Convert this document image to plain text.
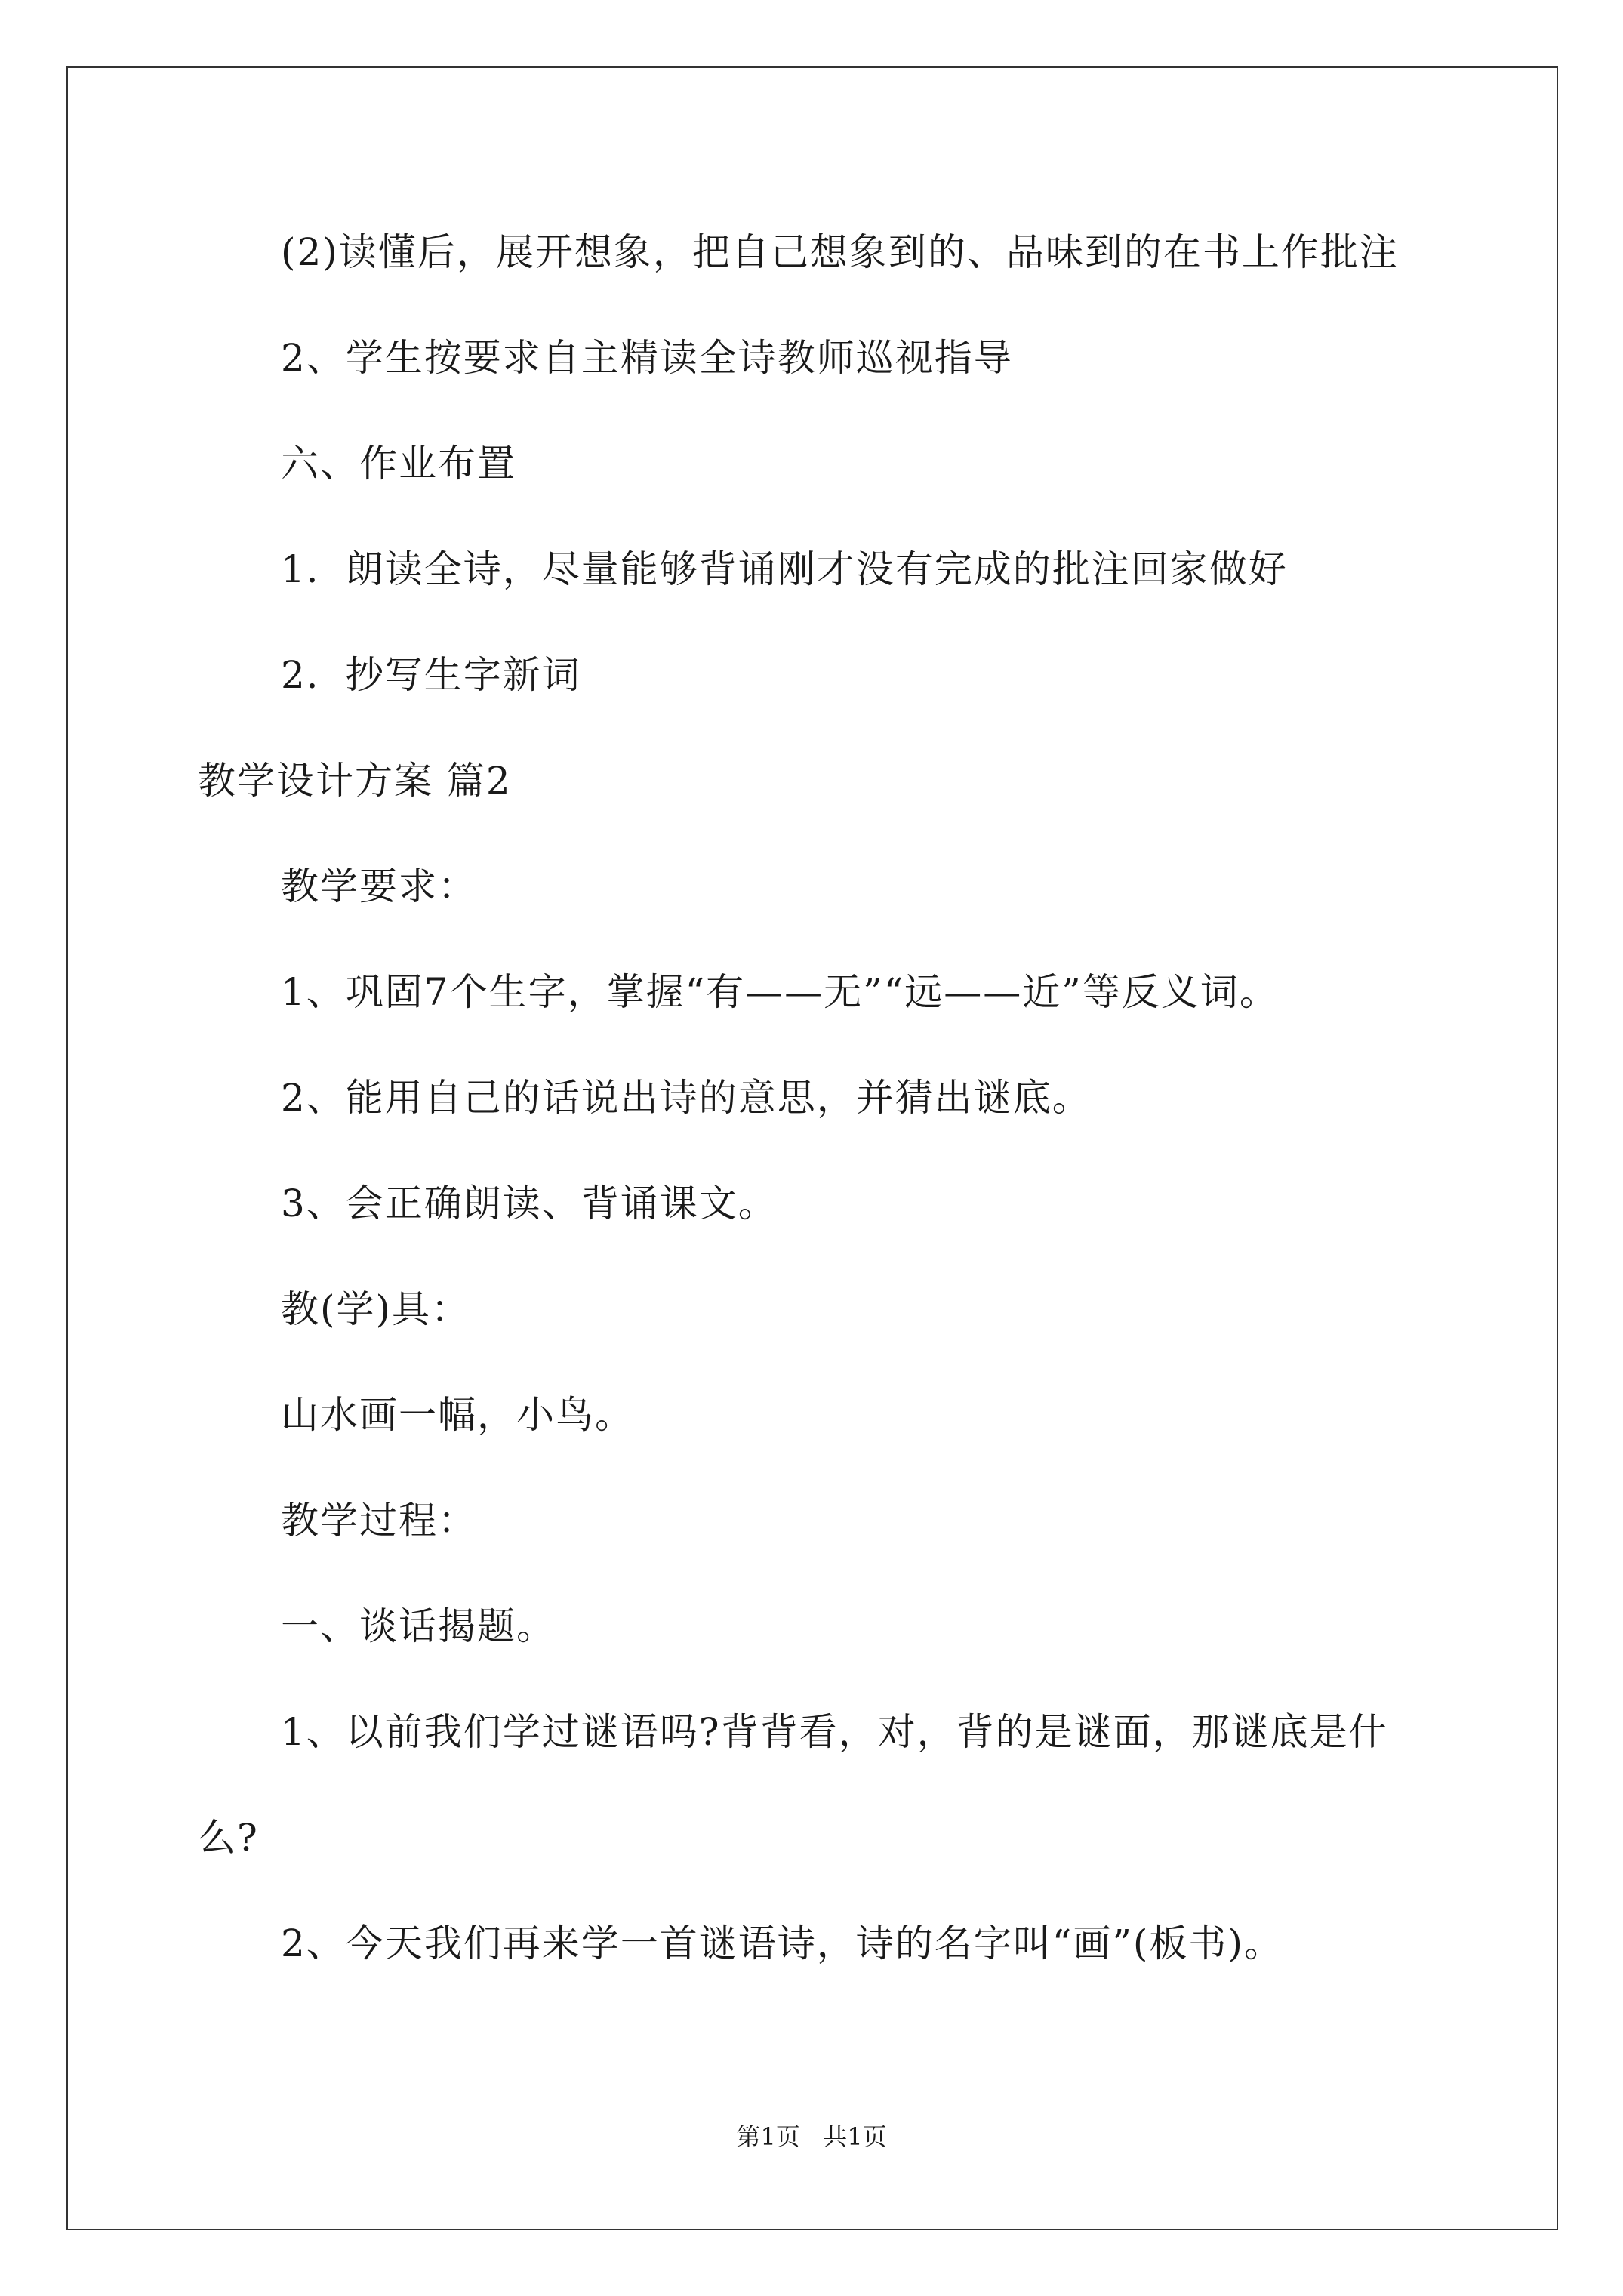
(2)读懂后，展开想象，把自己想象到的、品味到的在书上作批注
2、学生按要求自主精读全诗教师巡视指导
六、作业布置
1．朗读全诗，尽量能够背诵刚才没有完成的批注回家做好
2．抄写生字新词
教学设计方案 篇2
教学要求：
1、巩固7个生字，掌握“有——无”“远——近”等反义词。
2、能用自己的话说出诗的意思，并猜出谜底。
3、会正确朗读、背诵课文。
教(学)具：
山水画一幅，小鸟。
教学过程：
一、谈话揭题。
1、以前我们学过谜语吗?背背看，对，背的是谜面，那谜底是什
么?
2、今天我们再来学一首谜语诗，诗的名字叫“画”(板书)。
第1页   共1页
